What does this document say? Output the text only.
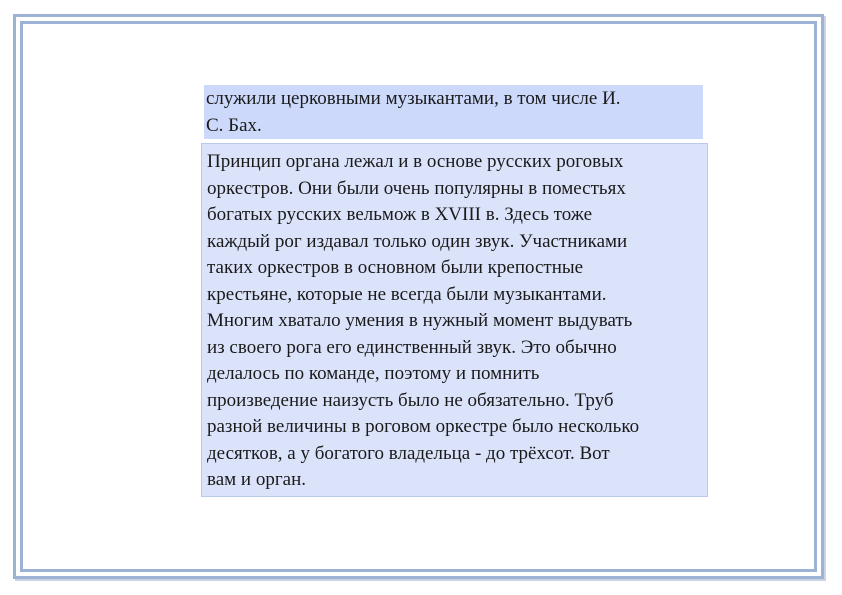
служили церковными музыкантами, в том числе И.
С. Бах.
Принцип органа лежал и в основе русских роговых
оркестров. Они были очень популярны в поместьях
богатых русских вельмож в XVIII в. Здесь тоже
каждый рог издавал только один звук. Участниками
таких оркестров в основном были крепостные
крестьяне, которые не всегда были музыкантами.
Многим хватало умения в нужный момент выдувать
из своего рога его единственный звук. Это обычно
делалось по команде, поэтому и помнить
произведение наизусть было не обязательно. Труб
разной величины в роговом оркестре было несколько
десятков, а у богатого владельца - до трёхсот. Вот
вам и орган.
